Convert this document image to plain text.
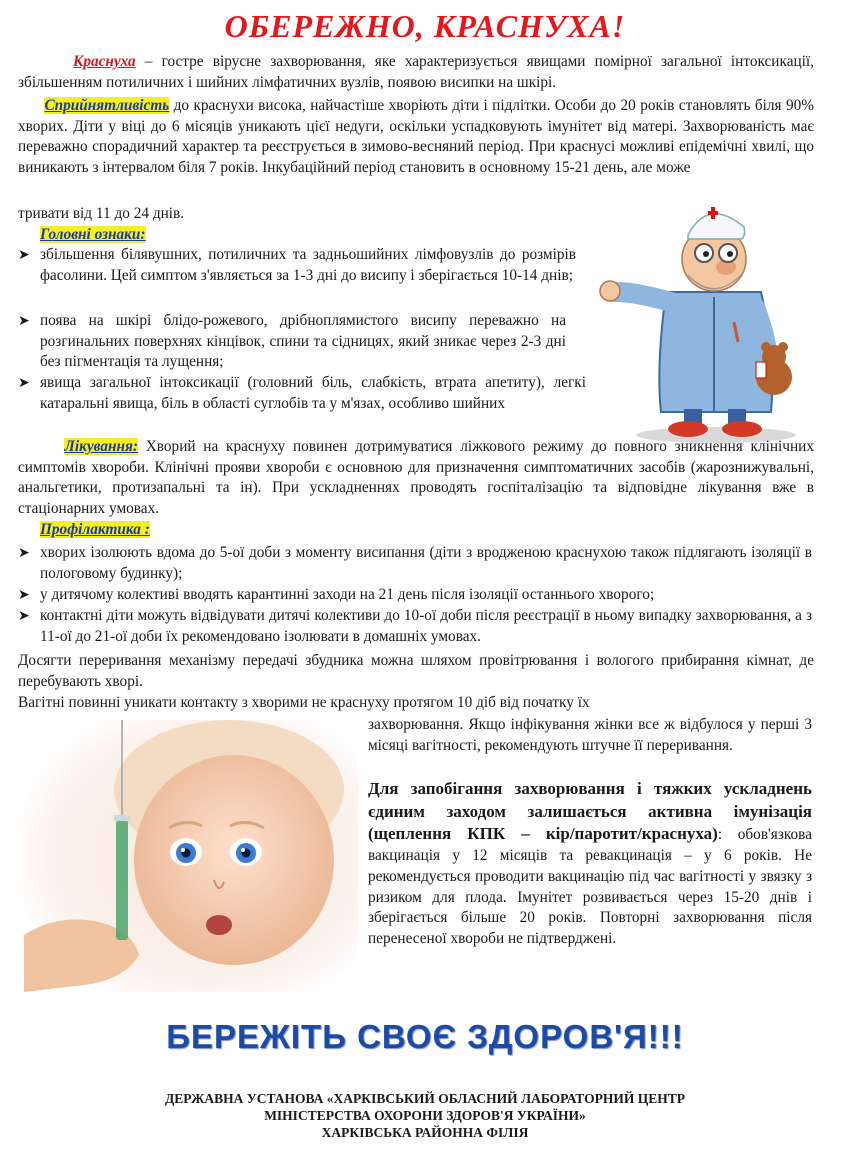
ОБЕРЕЖНО, КРАСНУХА!

Краснуха – гостре вірусне захворювання, яке характеризується явищами помірної загальної інтоксикації, збільшенням потиличних і шийних лімфатичних вузлів, появою висипки на шкірі.

Сприйнятливість до краснухи висока, найчастіше хворіють діти і підлітки. Особи до 20 років становлять біля 90% хворих. Діти у віці до 6 місяців уникають цієї недуги, оскільки успадковують імунітет від матері. Захворюваність має переважно спорадичний характер та реєструється в зимово-весняний період. При краснусі можливі епідемічні хвилі, що виникають з інтервалом біля 7 років. Інкубаційний період становить в основному 15-21 день, але може

тривати від 11 до 24 днів.

Головні ознаки:
➤ збільшення білявушних, потиличних та задньошийних лімфовузлів до розмірів фасолини. Цей симптом з'являється за 1-3 дні до висипу і зберігається 10-14 днів;

➤ поява на шкірі блідо-рожевого, дрібноплямистого висипу переважно на розгинальних поверхнях кінцівок, спини та сідницях, який зникає через 2-3 дні без пігментація та лущення;

➤ явища загальної інтоксикації (головний біль, слабкість, втрата апетиту), легкі катаральні явища, біль в області суглобів та у м'язах, особливо шийних

Лікування: Хворий на краснуху повинен дотримуватися ліжкового режиму до повного зникнення клінічних симптомів хвороби. Клінічні прояви хвороби є основною для призначення симптоматичних засобів (жарознижувальні, анальгетики, протизапальні та ін). При ускладненнях проводять госпіталізацію та відповідне лікування вже в стаціонарних умовах.

Профілактика :
➤ хворих ізолюють вдома до 5-ої доби з моменту висипання (діти з вродженою краснухою також підлягають ізоляції в пологовому будинку);

➤ у дитячому колективі вводять карантинні заходи на 21 день після ізоляції останнього хворого;

➤ контактні діти можуть відвідувати дитячі колективи до 10-ої доби після реєстрації в ньому випадку захворювання, а з 11-ої до 21-ої доби їх рекомендовано ізолювати в домашніх умовах.

Досягти переривання механізму передачі збудника можна шляхом провітрювання і вологого прибирання кімнат, де перебувають хворі.

Вагітні повинні уникати контакту з хворими не краснуху протягом 10 діб від початку їх

захворювання. Якщо інфікування жінки все ж відбулося у перші 3 місяці вагітності, рекомендують штучне її переривання.

Для запобігання захворювання і тяжких ускладнень єдиним заходом залишається активна імунізація (щеплення КПК – кір/паротит/краснуха): обов'язкова вакцинація у 12 місяців та ревакцинація – у 6 років. Не рекомендується проводити вакцинацію під час вагітності у звязку з ризиком для плода. Імунітет розвивається через 15-20 днів і зберігається більше 20 років. Повторні захворювання після перенесеної хвороби не підтверджені.

БЕРЕЖІТЬ СВОЄ ЗДОРОВ'Я!!!
ДЕРЖАВНА УСТАНОВА «ХАРКІВСЬКИЙ ОБЛАСНИЙ ЛАБОРАТОРНИЙ ЦЕНТР
МІНІСТЕРСТВА ОХОРОНИ ЗДОРОВ'Я УКРАЇНИ»
ХАРКІВСЬКА РАЙОННА ФІЛІЯ
